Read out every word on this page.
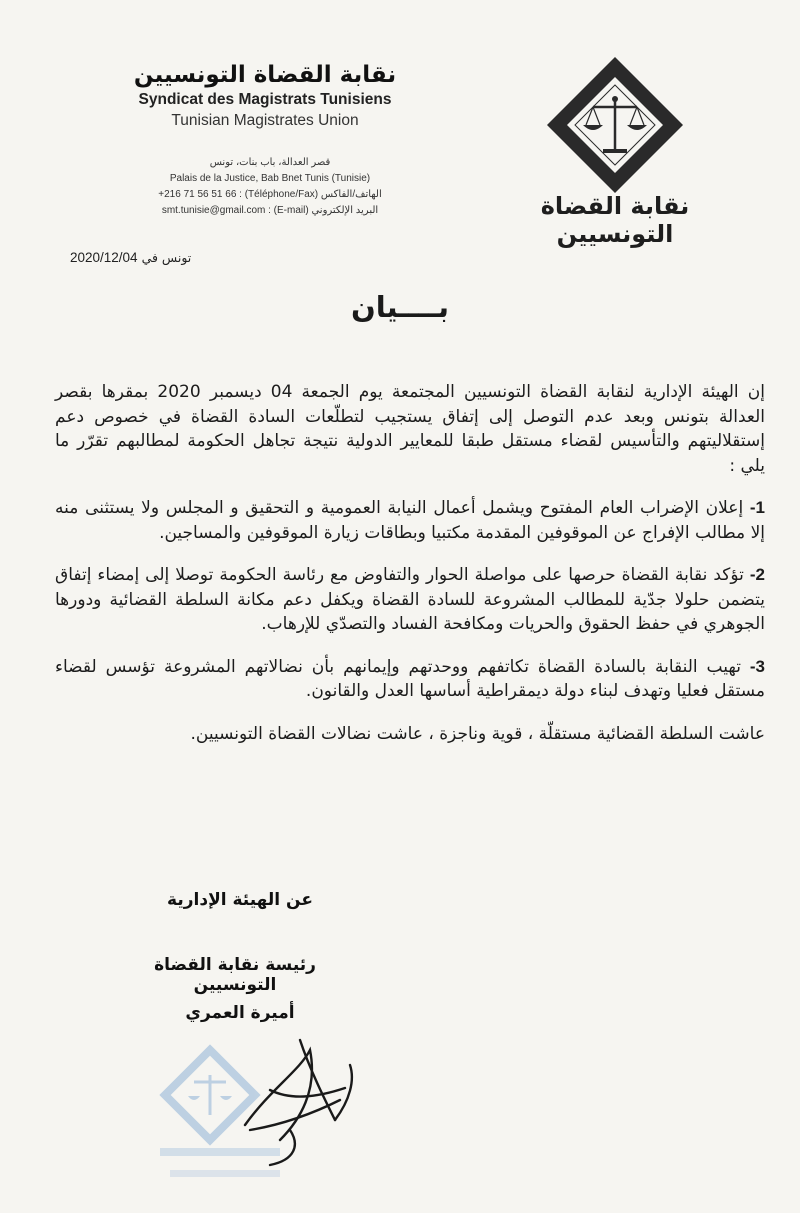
نقابة القضاة التونسيين
Syndicat des Magistrats Tunisiens
Tunisian Magistrates Union
قصر العدالة، باب بنات، تونس
Palais de la Justice, Bab Bnet Tunis (Tunisie)
+216 71 56 51 66 : (Téléphone/Fax) الهاتف/الفاكس
smt.tunisie@gmail.com : (E-mail) البريد الإلكتروني	نقابة القضاة التونسيين
2020/12/04 تونس في
بــــيان

إن الهيئة الإدارية لنقابة القضاة التونسيين المجتمعة يوم الجمعة 04 ديسمبر 2020 بمقرها بقصر العدالة بتونس وبعد عدم التوصل إلى إتفاق يستجيب لتطلّعات السادة القضاة في خصوص دعم إستقلاليتهم والتأسيس لقضاء مستقل طبقا للمعايير الدولية نتيجة تجاهل الحكومة لمطالبهم تقرّر ما يلي :

1- إعلان الإضراب العام المفتوح ويشمل أعمال النيابة العمومية و التحقيق و المجلس ولا يستثنى منه إلا مطالب الإفراج عن الموقوفين المقدمة مكتبيا وبطاقات زيارة الموقوفين والمساجين.

2- تؤكد نقابة القضاة حرصها على مواصلة الحوار والتفاوض مع رئاسة الحكومة توصلا إلى إمضاء إتفاق يتضمن حلولا جدّية للمطالب المشروعة للسادة القضاة ويكفل دعم مكانة السلطة القضائية ودورها الجوهري في حفظ الحقوق والحريات ومكافحة الفساد والتصدّي للإرهاب.

3- تهيب النقابة بالسادة القضاة تكاتفهم ووحدتهم وإيمانهم بأن نضالاتهم المشروعة تؤسس لقضاء مستقل فعليا وتهدف لبناء دولة ديمقراطية أساسها العدل والقانون.

عاشت السلطة القضائية مستقلّة ، قوية وناجزة ، عاشت نضالات القضاة التونسيين.

عن الهيئة الإدارية
رئيسة نقابة القضاة التونسيين
أميرة العمري
